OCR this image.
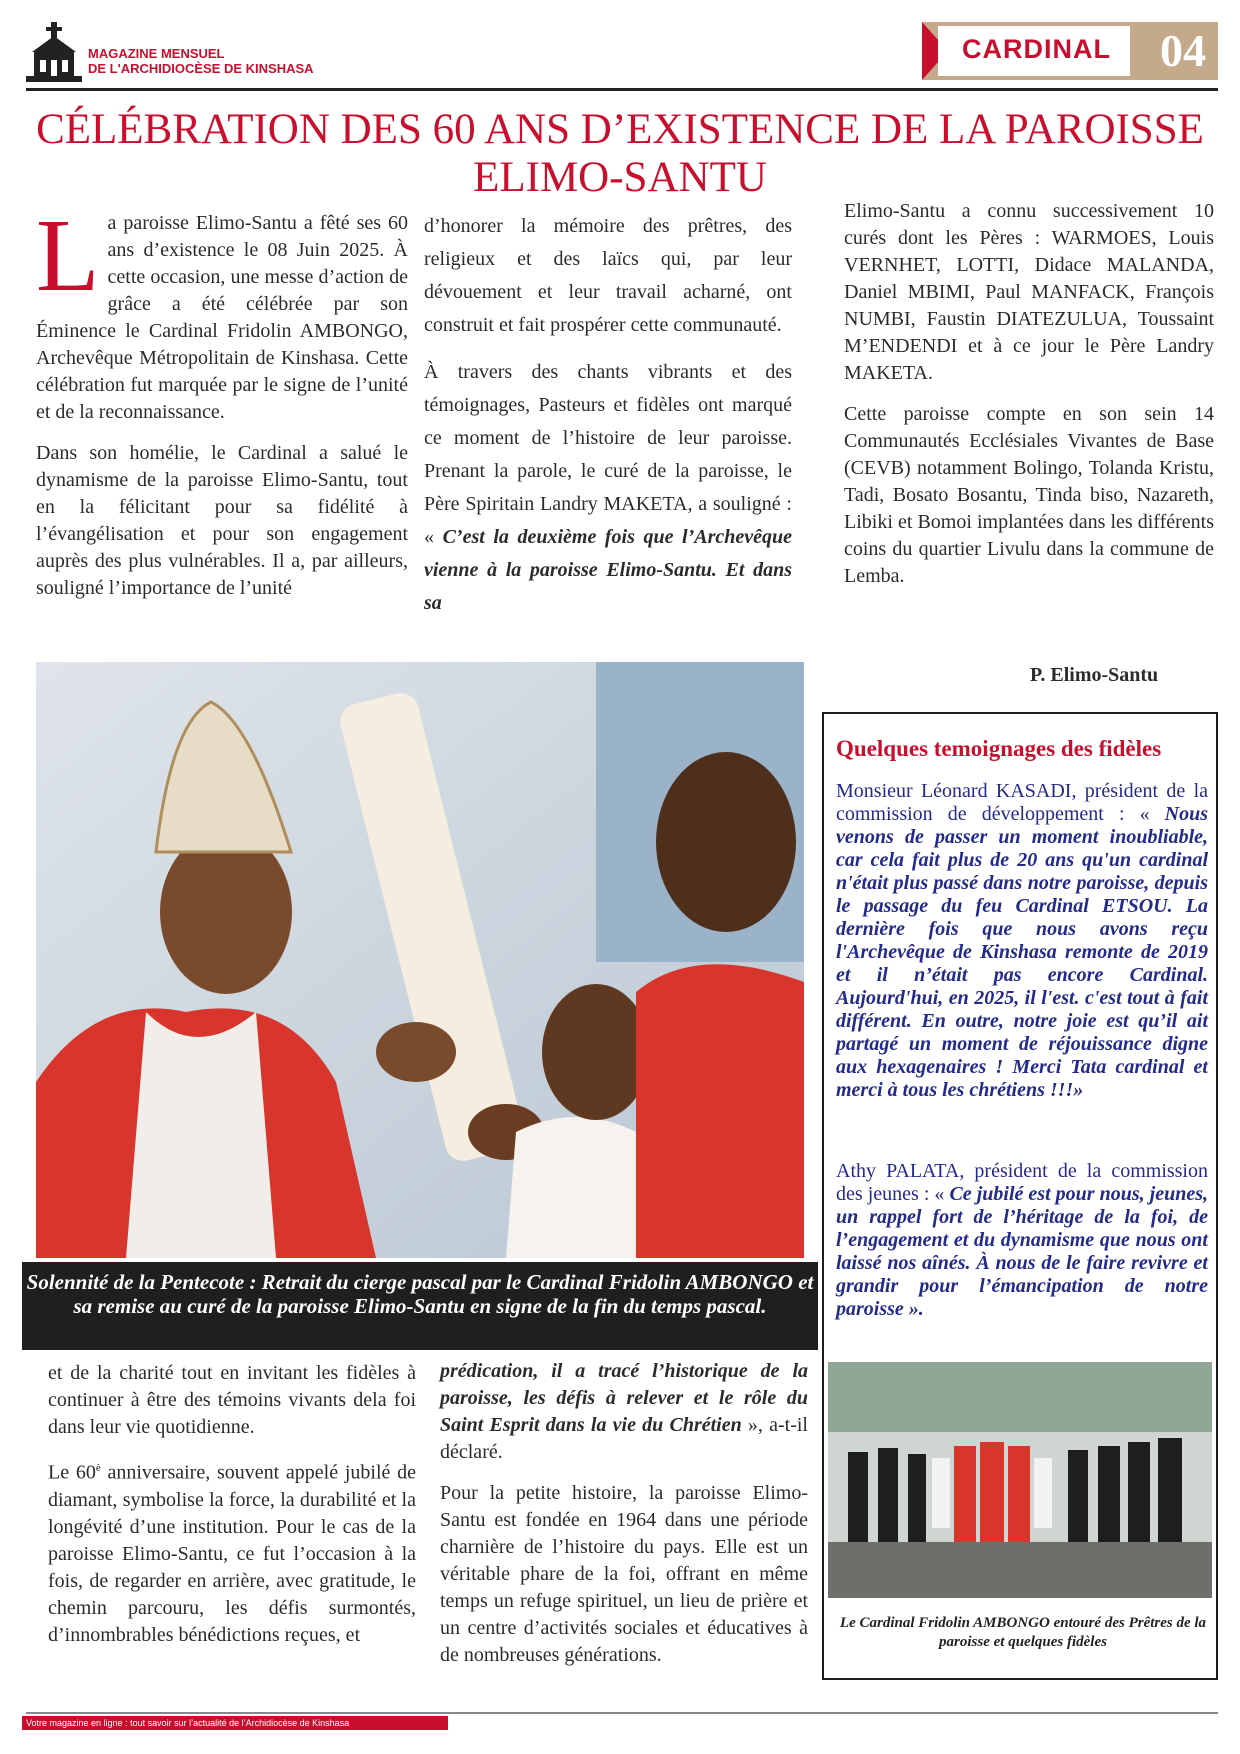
MAGAZINE MENSUEL
DE L'ARCHIDIOCÈSE DE KINSHASA
CARDINAL 04
CÉLÉBRATION DES 60 ANS D’EXISTENCE DE LA PAROISSE ELIMO-SANTU

La paroisse Elimo-Santu a fêté ses 60 ans d’existence le 08 Juin 2025. À cette occasion, une messe d’action de grâce a été célébrée par son Éminence le Cardinal Fridolin AMBONGO, Archevêque Métropolitain de Kinshasa. Cette célébration fut marquée par le signe de l’unité et de la reconnaissance.

Dans son homélie, le Cardinal a salué le dynamisme de la paroisse Elimo-Santu, tout en la félicitant pour sa fidélité à l’évangélisation et pour son engagement auprès des plus vulnérables. Il a, par ailleurs, souligné l’importance de l’unité

d’honorer la mémoire des prêtres, des religieux et des laïcs qui, par leur dévouement et leur travail acharné, ont construit et fait prospérer cette communauté.

À travers des chants vibrants et des témoignages, Pasteurs et fidèles ont marqué ce moment de l’histoire de leur paroisse. Prenant la parole, le curé de la paroisse, le Père Spiritain Landry MAKETA, a souligné : « C’est la deuxième fois que l’Archevêque vienne à la paroisse Elimo-Santu. Et dans sa

Elimo-Santu a connu successivement 10 curés dont les Pères : WARMOES, Louis VERNHET, LOTTI, Didace MALANDA, Daniel MBIMI, Paul MANFACK, François NUMBI, Faustin DIATEZULUA, Toussaint M’ENDENDI et à ce jour le Père Landry MAKETA.

Cette paroisse compte en son sein 14 Communautés Ecclésiales Vivantes de Base (CEVB) notamment Bolingo, Tolanda Kristu, Tadi, Bosato Bosantu, Tinda biso, Nazareth, Libiki et Bomoi implantées dans les différents coins du quartier Livulu dans la commune de Lemba.

P. Elimo-Santu
Solennité de la Pentecote : Retrait du cierge pascal par le Cardinal Fridolin AMBONGO et sa remise au curé de la paroisse Elimo-Santu en signe de la fin du temps pascal.

et de la charité tout en invitant les fidèles à continuer à être des témoins vivants dela foi dans leur vie quotidienne.

Le $60^è$ anniversaire, souvent appelé jubilé de diamant, symbolise la force, la durabilité et la longévité d’une institution. Pour le cas de la paroisse Elimo-Santu, ce fut l’occasion à la fois, de regarder en arrière, avec gratitude, le chemin parcouru, les défis surmontés, d’innombrables bénédictions reçues, et

prédication, il a tracé l’historique de la paroisse, les défis à relever et le rôle du Saint Esprit dans la vie du Chrétien », a-t-il déclaré.

Pour la petite histoire, la paroisse Elimo-Santu est fondée en 1964 dans une période charnière de l’histoire du pays. Elle est un véritable phare de la foi, offrant en même temps un refuge spirituel, un lieu de prière et un centre d’activités sociales et éducatives à de nombreuses générations.

Quelques temoignages des fidèles
Monsieur Léonard KASADI, président de la commission de développement : « Nous venons de passer un moment inoubliable, car cela fait plus de 20 ans qu'un cardinal n'était plus passé dans notre paroisse, depuis le passage du feu Cardinal ETSOU. La dernière fois que nous avons reçu l'Archevêque de Kinshasa remonte de 2019 et il n’était pas encore Cardinal. Aujourd'hui, en 2025, il l'est. c'est tout à fait différent. En outre, notre joie est qu’il ait partagé un moment de réjouissance digne aux hexagenaires ! Merci Tata cardinal et merci à tous les chrétiens !!!»
Athy PALATA, président de la commission des jeunes : « Ce jubilé est pour nous, jeunes, un rappel fort de l’héritage de la foi, de l’engagement et du dynamisme que nous ont laissé nos aînés. À nous de le faire revivre et grandir pour l’émancipation de notre paroisse ».
Le Cardinal Fridolin AMBONGO entouré des Prêtres de la paroisse et quelques fidèles
Votre magazine en ligne : tout savoir sur l’actualité de l’Archidiocèse de Kinshasa
